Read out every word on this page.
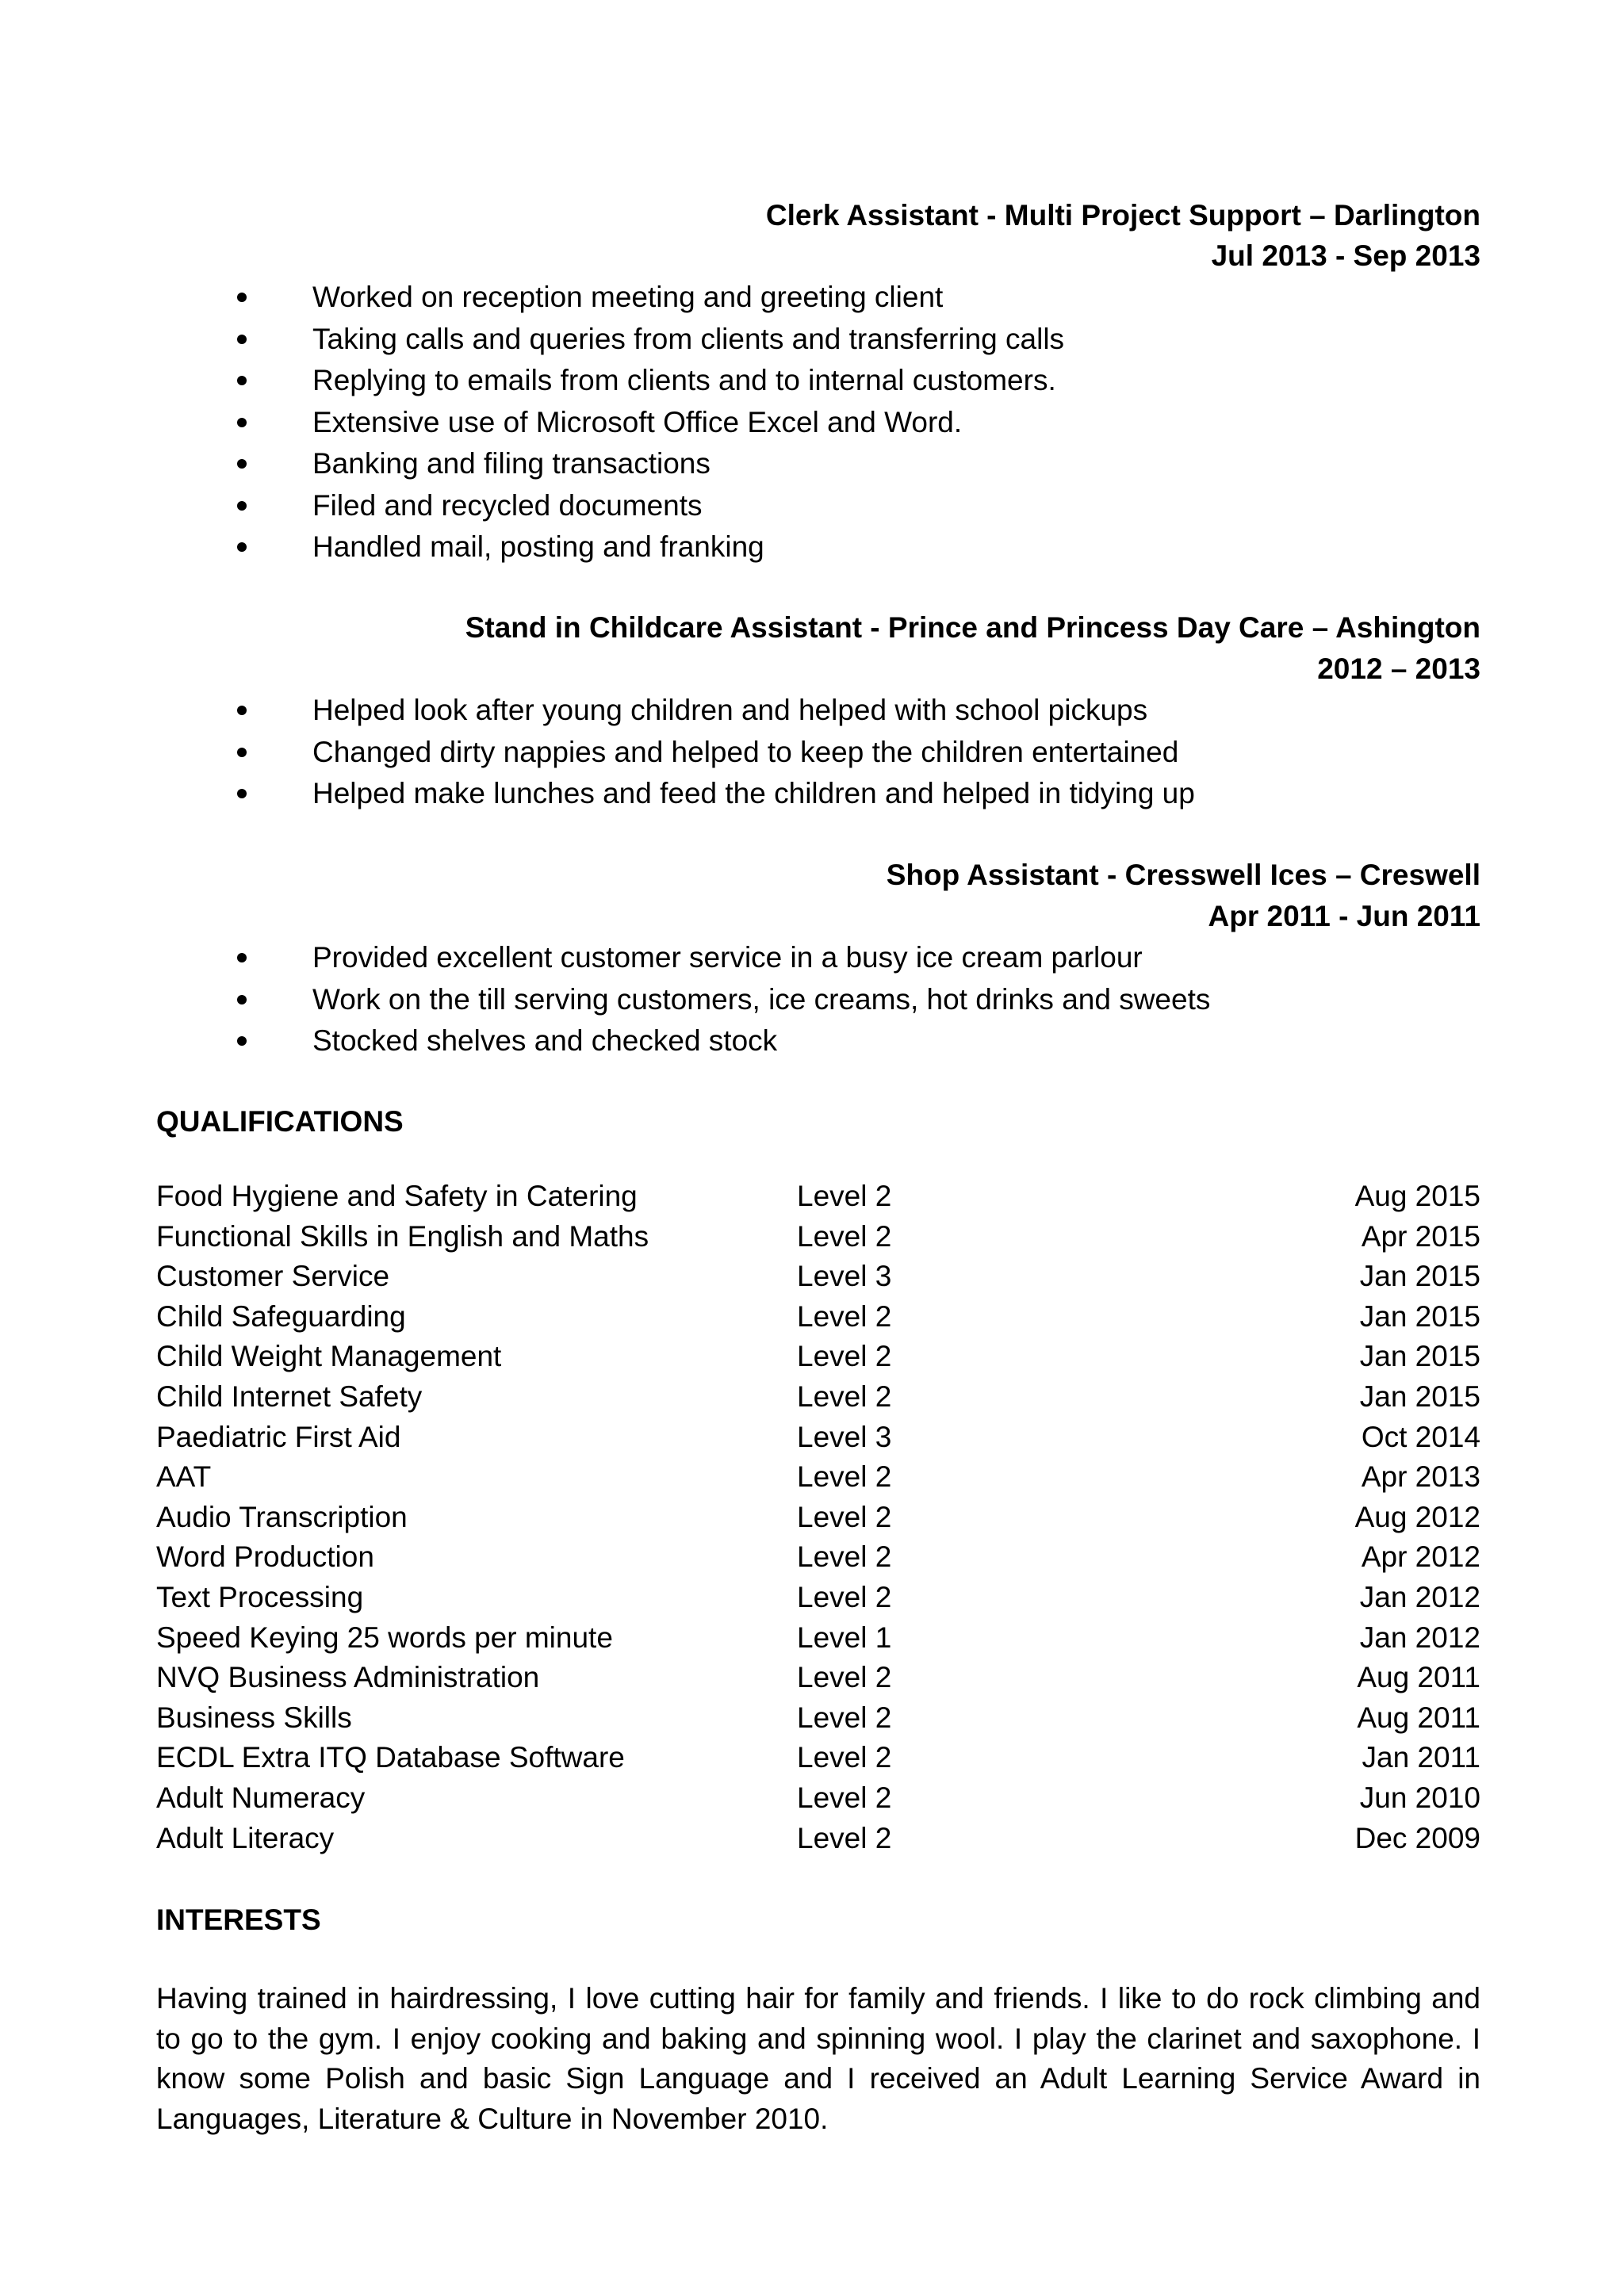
Clerk Assistant - Multi Project Support – Darlington
Jul 2013 - Sep 2013
Worked on reception meeting and greeting client
Taking calls and queries from clients and transferring calls
Replying to emails from clients and to internal customers.
Extensive use of Microsoft Office Excel and Word.
Banking and filing transactions
Filed and recycled documents
Handled mail, posting and franking
Stand in Childcare Assistant - Prince and Princess Day Care – Ashington
2012 – 2013
Helped look after young children and helped with school pickups
Changed dirty nappies and helped to keep the children entertained
Helped make lunches and feed the children and helped in tidying up
Shop Assistant - Cresswell Ices – Creswell
Apr 2011 - Jun 2011
Provided excellent customer service in a busy ice cream parlour
Work on the till serving customers, ice creams, hot drinks and sweets
Stocked shelves and checked stock
QUALIFICATIONS
Food Hygiene and Safety in Catering	Level 2	Aug 2015
Functional Skills in English and Maths	Level 2	Apr 2015
Customer Service	Level 3	Jan 2015
Child Safeguarding	Level 2	Jan 2015
Child Weight Management	Level 2	Jan 2015
Child Internet Safety	Level 2	Jan 2015
Paediatric First Aid	Level 3	Oct 2014
AAT	Level 2	Apr 2013
Audio Transcription	Level 2	Aug 2012
Word Production	Level 2	Apr 2012
Text Processing	Level 2	Jan 2012
Speed Keying 25 words per minute	Level 1	Jan 2012
NVQ Business Administration	Level 2	Aug 2011
Business Skills	Level 2	Aug 2011
ECDL Extra ITQ Database Software	Level 2	Jan 2011
Adult Numeracy	Level 2	Jun 2010
Adult Literacy	Level 2	Dec 2009
INTERESTS

Having trained in hairdressing, I love cutting hair for family and friends. I like to do rock climbing and to go to the gym. I enjoy cooking and baking and spinning wool. I play the clarinet and saxophone. I know some Polish and basic Sign Language and I received an Adult Learning Service Award in Languages, Literature & Culture in November 2010.
